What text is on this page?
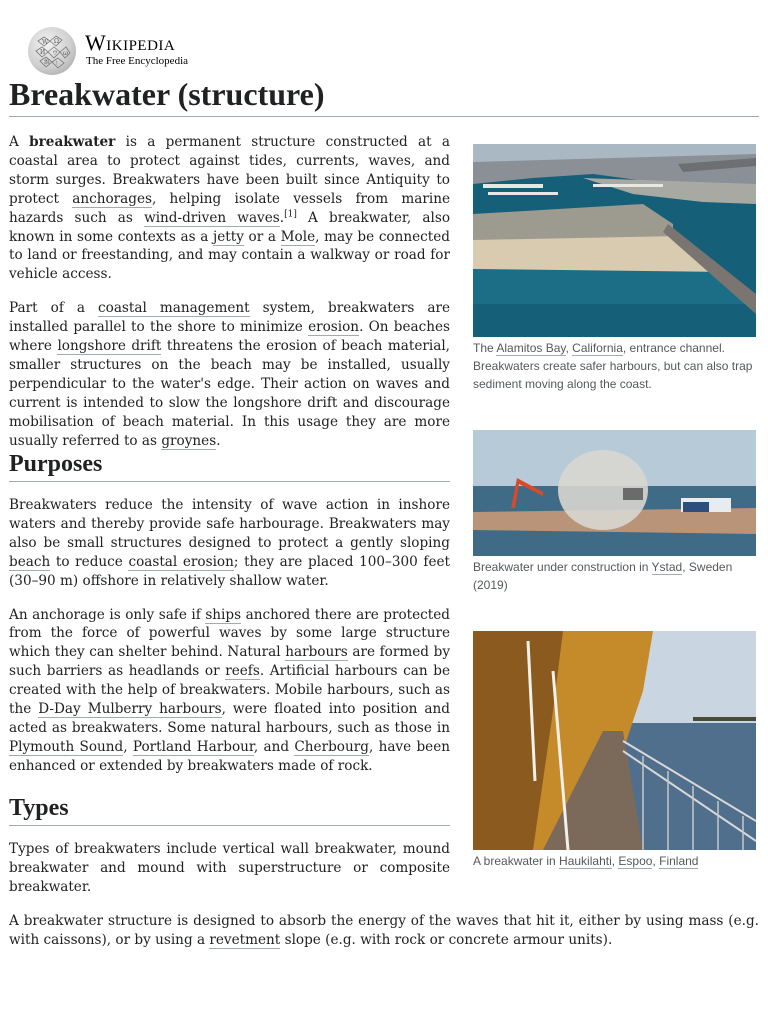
W Ω
И ウ ω
维 ו
Wikipedia
The Free Encyclopedia
Breakwater (structure)

A breakwater is a permanent structure constructed at a coastal area to protect against tides, currents, waves, and storm surges. Breakwaters have been built since Antiquity to protect anchorages, helping isolate vessels from marine hazards such as wind-driven waves.[1] A breakwater, also known in some contexts as a jetty or a Mole, may be connected to land or freestanding, and may contain a walkway or road for vehicle access.

Part of a coastal management system, breakwaters are installed parallel to the shore to minimize erosion. On beaches where longshore drift threatens the erosion of beach material, smaller structures on the beach may be installed, usually perpendicular to the water's edge. Their action on waves and current is intended to slow the longshore drift and discourage mobilisation of beach material. In this usage they are more usually referred to as groynes.

Purposes

Breakwaters reduce the intensity of wave action in inshore waters and thereby provide safe harbourage. Breakwaters may also be small structures designed to protect a gently sloping beach to reduce coastal erosion; they are placed 100–300 feet (30–90 m) offshore in relatively shallow water.

An anchorage is only safe if ships anchored there are protected from the force of powerful waves by some large structure which they can shelter behind. Natural harbours are formed by such barriers as headlands or reefs. Artificial harbours can be created with the help of breakwaters. Mobile harbours, such as the D-Day Mulberry harbours, were floated into position and acted as breakwaters. Some natural harbours, such as those in Plymouth Sound, Portland Harbour, and Cherbourg, have been enhanced or extended by breakwaters made of rock.

Types

Types of breakwaters include vertical wall breakwater, mound breakwater and mound with superstructure or composite breakwater.

A breakwater structure is designed to absorb the energy of the waves that hit it, either by using mass (e.g. with caissons), or by using a revetment slope (e.g. with rock or concrete armour units).

The Alamitos Bay, California, entrance channel. Breakwaters create safer harbours, but can also trap sediment moving along the coast.
Breakwater under construction in Ystad, Sweden (2019)
A breakwater in Haukilahti, Espoo, Finland
